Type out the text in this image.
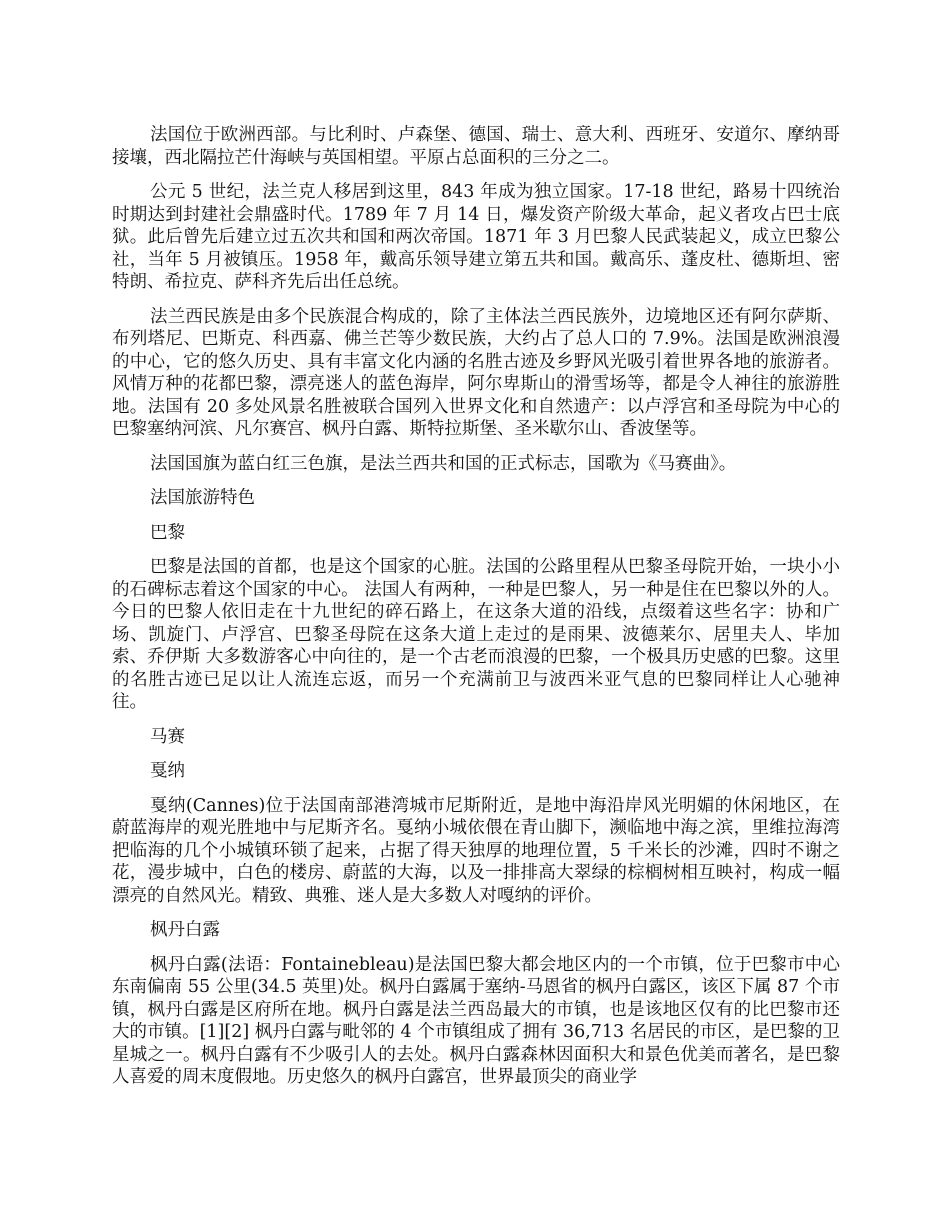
法国位于欧洲西部。与比利时、卢森堡、德国、瑞士、意大利、西班牙、安道尔、摩纳哥接壤，西北隔拉芒什海峡与英国相望。平原占总面积的三分之二。

公元 5 世纪，法兰克人移居到这里，843 年成为独立国家。17-18 世纪，路易十四统治时期达到封建社会鼎盛时代。1789 年 7 月 14 日，爆发资产阶级大革命，起义者攻占巴士底狱。此后曾先后建立过五次共和国和两次帝国。1871 年 3 月巴黎人民武装起义，成立巴黎公社，当年 5 月被镇压。1958 年，戴高乐领导建立第五共和国。戴高乐、蓬皮杜、德斯坦、密特朗、希拉克、萨科齐先后出任总统。

法兰西民族是由多个民族混合构成的，除了主体法兰西民族外，边境地区还有阿尔萨斯、布列塔尼、巴斯克、科西嘉、佛兰芒等少数民族，大约占了总人口的 7.9%。法国是欧洲浪漫的中心，它的悠久历史、具有丰富文化内涵的名胜古迹及乡野风光吸引着世界各地的旅游者。风情万种的花都巴黎，漂亮迷人的蓝色海岸，阿尔卑斯山的滑雪场等，都是令人神往的旅游胜地。法国有 20 多处风景名胜被联合国列入世界文化和自然遗产：以卢浮宫和圣母院为中心的巴黎塞纳河滨、凡尔赛宫、枫丹白露、斯特拉斯堡、圣米歇尔山、香波堡等。

法国国旗为蓝白红三色旗，是法兰西共和国的正式标志，国歌为《马赛曲》。

法国旅游特色

巴黎

巴黎是法国的首都，也是这个国家的心脏。法国的公路里程从巴黎圣母院开始，一块小小的石碑标志着这个国家的中心。 法国人有两种，一种是巴黎人，另一种是住在巴黎以外的人。今日的巴黎人依旧走在十九世纪的碎石路上，在这条大道的沿线，点缀着这些名字：协和广场、凯旋门、卢浮宫、巴黎圣母院在这条大道上走过的是雨果、波德莱尔、居里夫人、毕加索、乔伊斯 大多数游客心中向往的，是一个古老而浪漫的巴黎，一个极具历史感的巴黎。这里的名胜古迹已足以让人流连忘返，而另一个充满前卫与波西米亚气息的巴黎同样让人心驰神往。

马赛

戛纳

戛纳(Cannes)位于法国南部港湾城市尼斯附近，是地中海沿岸风光明媚的休闲地区，在蔚蓝海岸的观光胜地中与尼斯齐名。戛纳小城依偎在青山脚下，濒临地中海之滨，里维拉海湾把临海的几个小城镇环锁了起来，占据了得天独厚的地理位置，5 千米长的沙滩，四时不谢之花，漫步城中，白色的楼房、蔚蓝的大海，以及一排排高大翠绿的棕榈树相互映衬，构成一幅漂亮的自然风光。精致、典雅、迷人是大多数人对嘎纳的评价。

枫丹白露

枫丹白露(法语：Fontainebleau)是法国巴黎大都会地区内的一个市镇，位于巴黎市中心东南偏南 55 公里(34.5 英里)处。枫丹白露属于塞纳-马恩省的枫丹白露区，该区下属 87 个市镇，枫丹白露是区府所在地。枫丹白露是法兰西岛最大的市镇，也是该地区仅有的比巴黎市还大的市镇。[1][2] 枫丹白露与毗邻的 4 个市镇组成了拥有 36,713 名居民的市区，是巴黎的卫星城之一。枫丹白露有不少吸引人的去处。枫丹白露森林因面积大和景色优美而著名，是巴黎人喜爱的周末度假地。历史悠久的枫丹白露宫，世界最顶尖的商业学
